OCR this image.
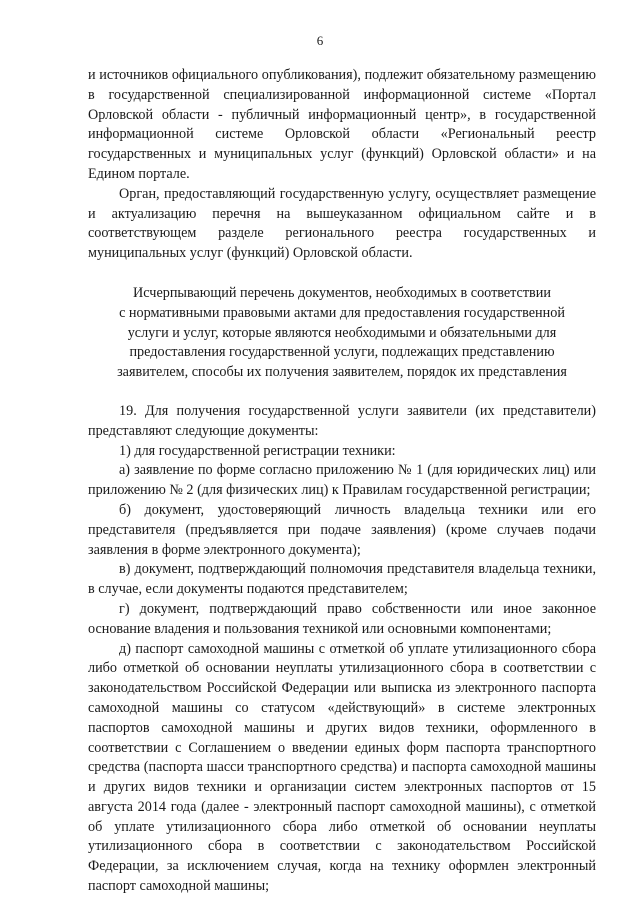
6

и источников официального опубликования), подлежит обязательному размещению в государственной специализированной информационной системе «Портал Орловской области - публичный информационный центр», в государственной информационной системе Орловской области «Региональный реестр государственных и муниципальных услуг (функций) Орловской области» и на Едином портале.

Орган, предоставляющий государственную услугу, осуществляет размещение и актуализацию перечня на вышеуказанном официальном сайте и в соответствующем разделе регионального реестра государственных и муниципальных услуг (функций) Орловской области.

Исчерпывающий перечень документов, необходимых в соответствии
с нормативными правовыми актами для предоставления государственной
услуги и услуг, которые являются необходимыми и обязательными для
предоставления государственной услуги, подлежащих представлению
заявителем, способы их получения заявителем, порядок их представления

19. Для получения государственной услуги заявители (их представители) представляют следующие документы:

1) для государственной регистрации техники:

а) заявление по форме согласно приложению № 1 (для юридических лиц) или приложению № 2 (для физических лиц) к Правилам государственной регистрации;

б) документ, удостоверяющий личность владельца техники или его представителя (предъявляется при подаче заявления) (кроме случаев подачи заявления в форме электронного документа);

в) документ, подтверждающий полномочия представителя владельца техники, в случае, если документы подаются представителем;

г) документ, подтверждающий право собственности или иное законное основание владения и пользования техникой или основными компонентами;

д) паспорт самоходной машины с отметкой об уплате утилизационного сбора либо отметкой об основании неуплаты утилизационного сбора в соответствии с законодательством Российской Федерации или выписка из электронного паспорта самоходной машины со статусом «действующий» в системе электронных паспортов самоходной машины и других видов техники, оформленного в соответствии с Соглашением о введении единых форм паспорта транспортного средства (паспорта шасси транспортного средства) и паспорта самоходной машины и других видов техники и организации систем электронных паспортов от 15 августа 2014 года (далее - электронный паспорт самоходной машины), с отметкой об уплате утилизационного сбора либо отметкой об основании неуплаты утилизационного сбора в соответствии с законодательством Российской Федерации, за исключением случая, когда на технику оформлен электронный паспорт самоходной машины;
